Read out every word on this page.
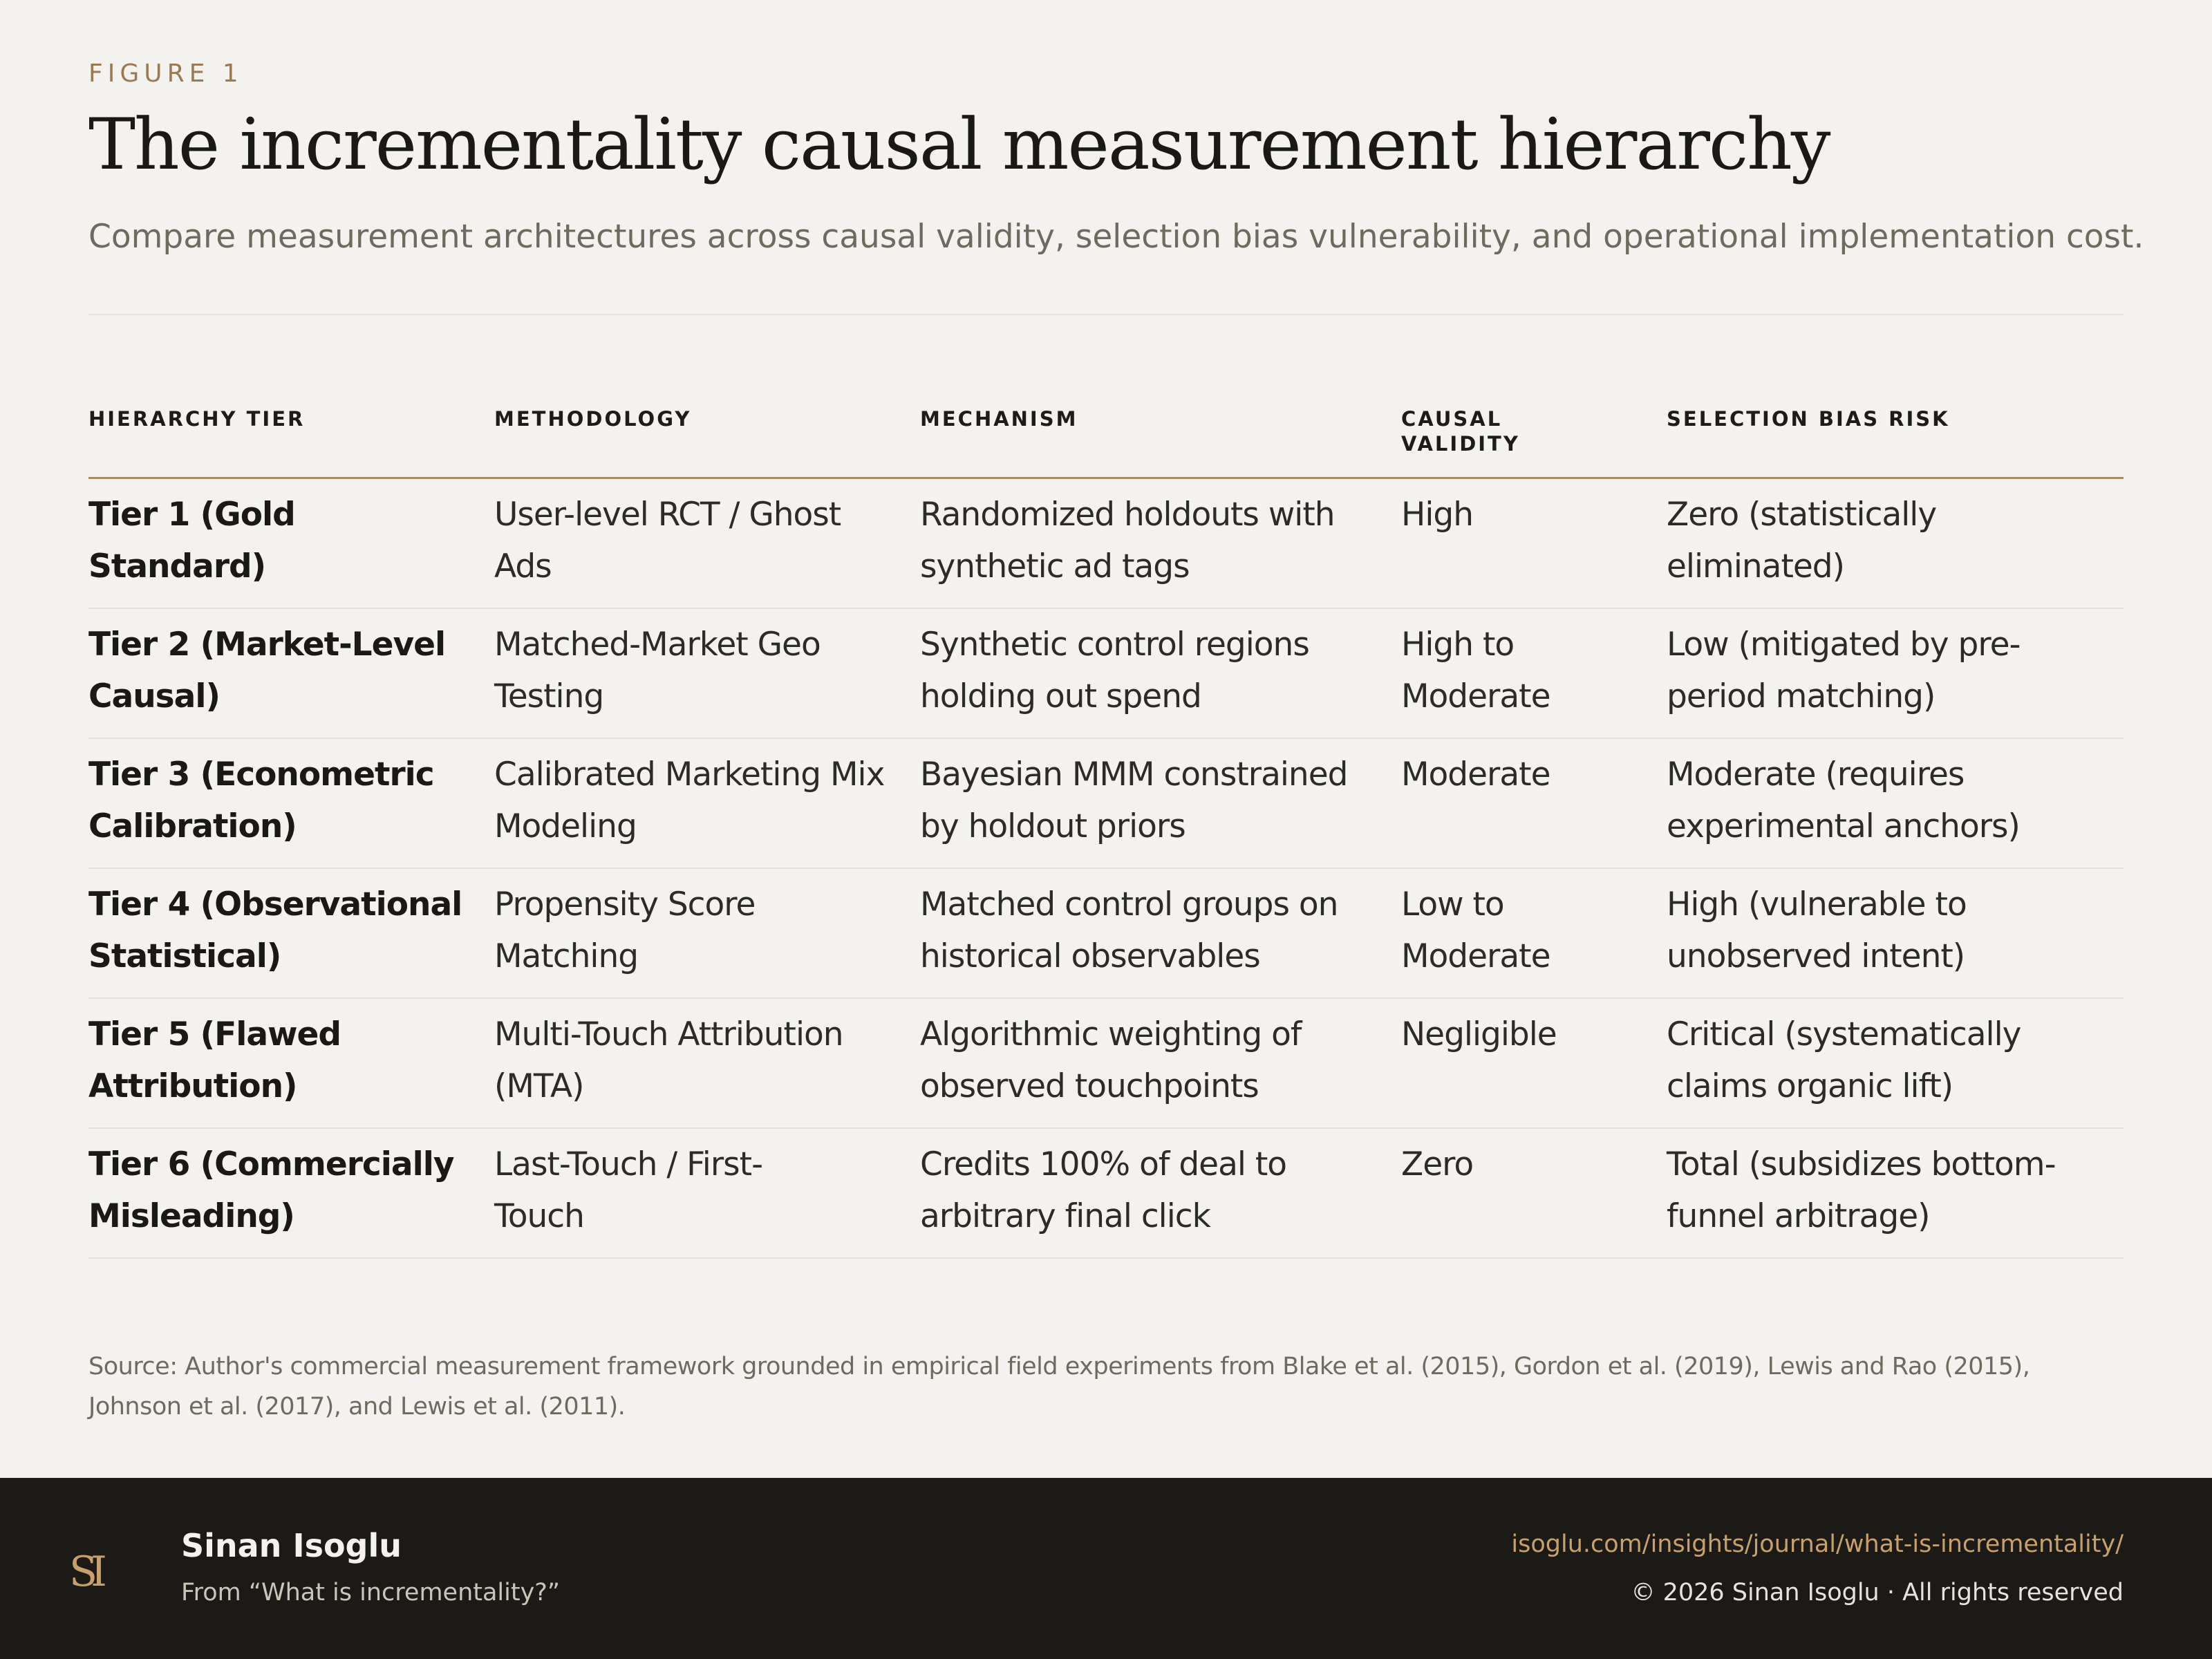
FIGURE 1
The incrementality causal measurement hierarchy
Compare measurement architectures across causal validity, selection bias vulnerability, and operational implementation cost.
HIERARCHY TIER	METHODOLOGY	MECHANISM	CAUSAL VALIDITY	SELECTION BIAS RISK
Tier 1 (Gold Standard)	User-level RCT / Ghost Ads	Randomized holdouts with synthetic ad tags	High	Zero (statistically eliminated)
Tier 2 (Market-Level Causal)	Matched-Market Geo Testing	Synthetic control regions holding out spend	High to Moderate	Low (mitigated by pre-period matching)
Tier 3 (Econometric Calibration)	Calibrated Marketing Mix Modeling	Bayesian MMM constrained by holdout priors	Moderate	Moderate (requires experimental anchors)
Tier 4 (Observational Statistical)	Propensity Score Matching	Matched control groups on historical observables	Low to Moderate	High (vulnerable to unobserved intent)
Tier 5 (Flawed Attribution)	Multi-Touch Attribution (MTA)	Algorithmic weighting of observed touchpoints	Negligible	Critical (systematically claims organic lift)
Tier 6 (Commercially Misleading)	Last-Touch / First-Touch	Credits 100% of deal to arbitrary final click	Zero	Total (subsidizes bottom-funnel arbitrage)
Source: Author's commercial measurement framework grounded in empirical field experiments from Blake et al. (2015), Gordon et al. (2019), Lewis and Rao (2015), Johnson et al. (2017), and Lewis et al. (2011).
SI
Sinan Isoglu
From “What is incrementality?”
isoglu.com/insights/journal/what-is-incrementality/
© 2026 Sinan Isoglu · All rights reserved
